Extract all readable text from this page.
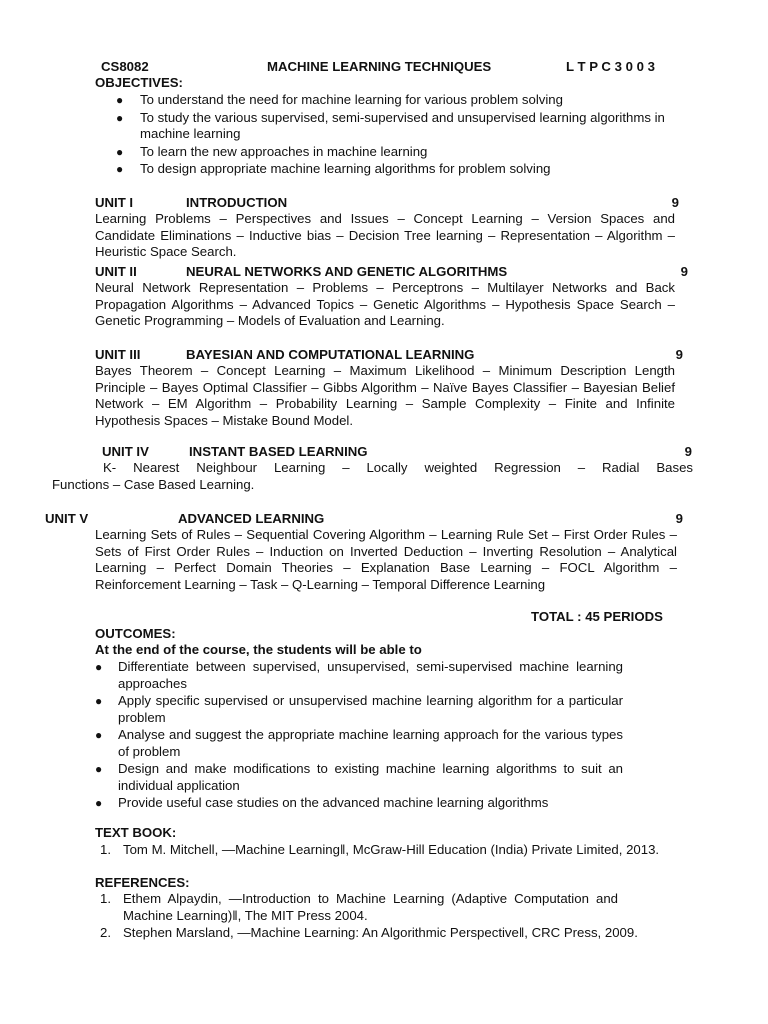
CS8082	MACHINE LEARNING TECHNIQUES	L T P C 3 0 0 3
OBJECTIVES:
● To understand the need for machine learning for various problem solving
● To study the various supervised, semi-supervised and unsupervised learning algorithms in machine learning
● To learn the new approaches in machine learning
● To design appropriate machine learning algorithms for problem solving
UNIT I	INTRODUCTION	9
Learning Problems – Perspectives and Issues – Concept Learning – Version Spaces and Candidate Eliminations – Inductive bias – Decision Tree learning – Representation – Algorithm – Heuristic Space Search.
UNIT II	NEURAL NETWORKS AND GENETIC ALGORITHMS	9
Neural Network Representation – Problems – Perceptrons – Multilayer Networks and Back Propagation Algorithms – Advanced Topics – Genetic Algorithms – Hypothesis Space Search – Genetic Programming – Models of Evaluation and Learning.
UNIT III	BAYESIAN AND COMPUTATIONAL LEARNING	9
Bayes Theorem – Concept Learning – Maximum Likelihood – Minimum Description Length Principle – Bayes Optimal Classifier – Gibbs Algorithm – Naïve Bayes Classifier – Bayesian Belief Network – EM Algorithm – Probability Learning – Sample Complexity – Finite and Infinite Hypothesis Spaces – Mistake Bound Model.
UNIT IV	INSTANT BASED LEARNING	9
K- Nearest Neighbour Learning – Locally weighted Regression – Radial Bases
Functions – Case Based Learning.
UNIT V	ADVANCED LEARNING	9
Learning Sets of Rules – Sequential Covering Algorithm – Learning Rule Set – First Order Rules – Sets of First Order Rules – Induction on Inverted Deduction – Inverting Resolution – Analytical Learning – Perfect Domain Theories – Explanation Base Learning – FOCL Algorithm – Reinforcement Learning – Task – Q-Learning – Temporal Difference Learning
TOTAL : 45 PERIODS
OUTCOMES:
At the end of the course, the students will be able to
● Differentiate between supervised, unsupervised, semi-supervised machine learning approaches
● Apply specific supervised or unsupervised machine learning algorithm for a particular problem
● Analyse and suggest the appropriate machine learning approach for the various types of problem
● Design and make modifications to existing machine learning algorithms to suit an individual application
● Provide useful case studies on the advanced machine learning algorithms
TEXT BOOK:
1. Tom M. Mitchell, ―Machine Learning‖, McGraw-Hill Education (India) Private Limited, 2013.
REFERENCES:
1. Ethem Alpaydin, ―Introduction to Machine Learning (Adaptive Computation and Machine Learning)‖, The MIT Press 2004.
2. Stephen Marsland, ―Machine Learning: An Algorithmic Perspective‖, CRC Press, 2009.
